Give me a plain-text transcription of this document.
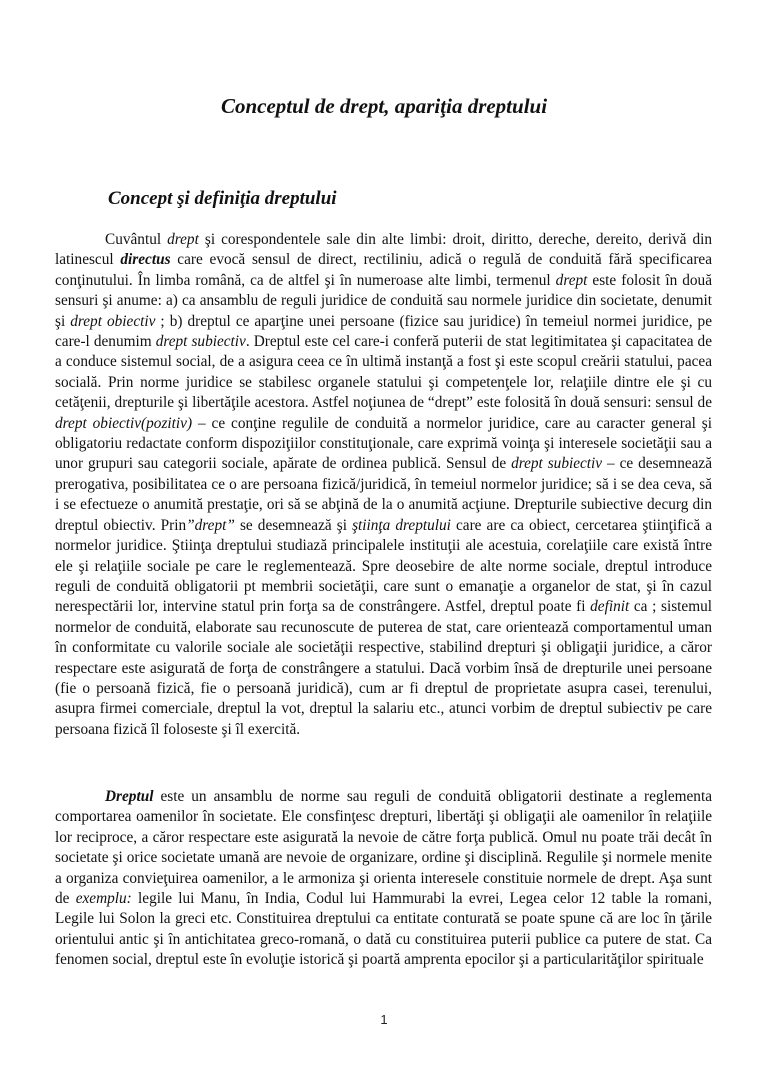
Conceptul de drept, apariţia dreptului
Concept şi definiţia dreptului

Cuvântul drept şi corespondentele sale din alte limbi: droit, diritto, dereche, dereito, derivă din latinescul directus care evocă sensul de direct, rectiliniu, adică o regulă de conduită fără specificarea conţinutului. În limba română, ca de altfel şi în numeroase alte limbi, termenul drept este folosit în două sensuri şi anume: a) ca ansamblu de reguli juridice de conduită sau normele juridice din societate, denumit şi drept obiectiv ; b) dreptul ce aparţine unei persoane (fizice sau juridice) în temeiul normei juridice, pe care-l denumim drept subiectiv. Dreptul este cel care-i conferă puterii de stat legitimitatea şi capacitatea de a conduce sistemul social, de a asigura ceea ce în ultimă instanţă a fost şi este scopul creării statului, pacea socială. Prin norme juridice se stabilesc organele statului şi competenţele lor, relaţiile dintre ele şi cu cetăţenii, drepturile şi libertăţile acestora. Astfel noţiunea de “drept” este folosită în două sensuri: sensul de drept obiectiv(pozitiv) – ce conţine regulile de conduită a normelor juridice, care au caracter general şi obligatoriu redactate conform dispoziţiilor constituţionale, care exprimă voinţa şi interesele societăţii sau a unor grupuri sau categorii sociale, apărate de ordinea publică. Sensul de drept subiectiv – ce desemnează prerogativa, posibilitatea ce o are persoana fizică/juridică, în temeiul normelor juridice; să i se dea ceva, să i se efectueze o anumită prestaţie, ori să se abţină de la o anumită acţiune. Drepturile subiective decurg din dreptul obiectiv. Prin”drept” se desemnează şi ştiinţa dreptului care are ca obiect, cercetarea ştiinţifică a normelor juridice. Ştiinţa dreptului studiază principalele instituţii ale acestuia, corelaţiile care există între ele şi relaţiile sociale pe care le reglementează. Spre deosebire de alte norme sociale, dreptul introduce reguli de conduită obligatorii pt membrii societăţii, care sunt o emanaţie a organelor de stat, şi în cazul nerespectării lor, intervine statul prin forţa sa de constrângere. Astfel, dreptul poate fi definit ca ; sistemul normelor de conduită, elaborate sau recunoscute de puterea de stat, care orientează comportamentul uman în conformitate cu valorile sociale ale societăţii respective, stabilind drepturi şi obligaţii juridice, a căror respectare este asigurată de forţa de constrângere a statului. Dacă vorbim însă de drepturile unei persoane (fie o persoană fizică, fie o persoană juridică), cum ar fi dreptul de proprietate asupra casei, terenului, asupra firmei comerciale, dreptul la vot, dreptul la salariu etc., atunci vorbim de dreptul subiectiv pe care persoana fizică îl foloseste şi îl exercită.

Dreptul este un ansamblu de norme sau reguli de conduită obligatorii destinate a reglementa comportarea oamenilor în societate. Ele consfinţesc drepturi, libertăţi şi obligaţii ale oamenilor în relaţiile lor reciproce, a căror respectare este asigurată la nevoie de către forţa publică. Omul nu poate trăi decât în societate şi orice societate umană are nevoie de organizare, ordine şi disciplină. Regulile şi normele menite a organiza convieţuirea oamenilor, a le armoniza şi orienta interesele constituie normele de drept. Aşa sunt de exemplu: legile lui Manu, în India, Codul lui Hammurabi la evrei, Legea celor 12 table la romani, Legile lui Solon la greci etc. Constituirea dreptului ca entitate conturată se poate spune că are loc în ţările orientului antic şi în antichitatea greco-romană, o dată cu constituirea puterii publice ca putere de stat. Ca fenomen social, dreptul este în evoluţie istorică şi poartă amprenta epocilor şi a particularităţilor spirituale

1
